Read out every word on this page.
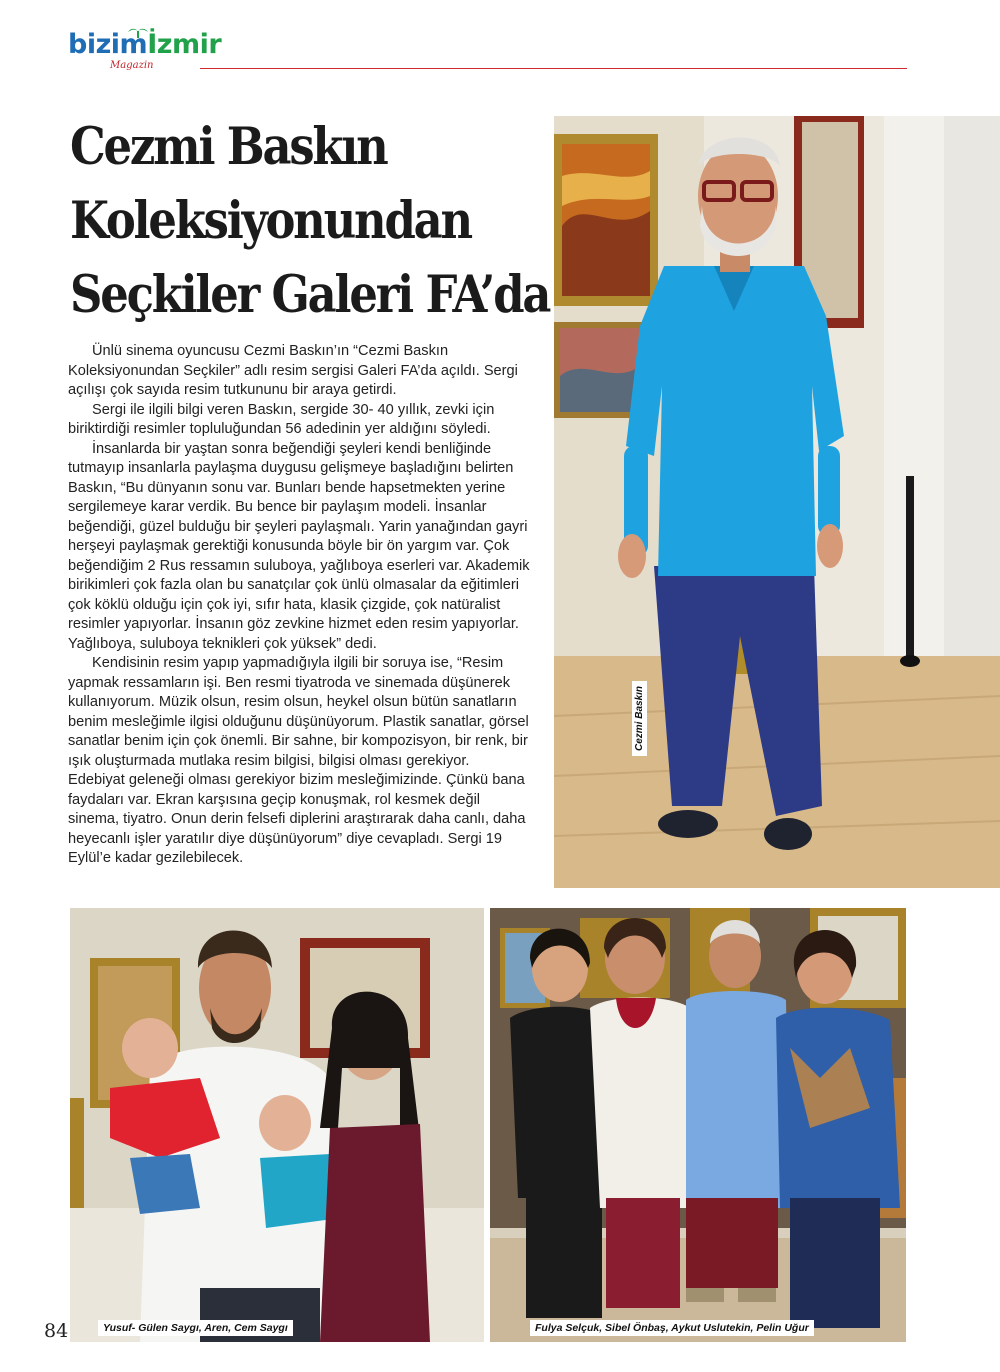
bizimİzmir
Magazin
Cezmi Baskın
Koleksiyonundan
Seçkiler Galeri FA’da

Ünlü sinema oyuncusu Cezmi Baskın’ın “Cezmi Baskın Koleksiyonundan Seçkiler” adlı resim sergisi Galeri FA’da açıldı. Sergi açılışı çok sayıda resim tutkununu bir araya getirdi.

Sergi ile ilgili bilgi veren Baskın, sergide 30- 40 yıllık, zevki için biriktirdiği resimler topluluğundan 56 adedinin yer aldığını söyledi.

İnsanlarda bir yaştan sonra beğendiği şeyleri kendi benliğinde tutmayıp insanlarla paylaşma duygusu gelişmeye başladığını belirten Baskın, “Bu dünyanın sonu var. Bunları bende hapsetmekten yerine sergilemeye karar verdik. Bu bence bir paylaşım modeli. İnsanlar beğendiği, güzel bulduğu bir şeyleri paylaşmalı. Yarin yanağından gayri herşeyi paylaşmak gerektiği konusunda böyle bir ön yargım var. Çok beğendiğim 2 Rus ressamın suluboya, yağlıboya eserleri var. Akademik birikimleri çok fazla olan bu sanatçılar çok ünlü olmasalar da eğitimleri çok köklü olduğu için çok iyi, sıfır hata, klasik çizgide, çok natüralist resimler yapıyorlar. İnsanın göz zevkine hizmet eden resim yapıyorlar. Yağlıboya, suluboya teknikleri çok yüksek” dedi.

Kendisinin resim yapıp yapmadığıyla ilgili bir soruya ise, “Resim yapmak ressamların işi. Ben resmi tiyatroda ve sinemada düşünerek kullanıyorum. Müzik olsun, resim olsun, heykel olsun bütün sanatların benim mesleğimle ilgisi olduğunu düşünüyorum. Plastik sanatlar, görsel sanatlar benim için çok önemli. Bir sahne, bir kompozisyon, bir renk, bir ışık oluşturmada mutlaka resim bilgisi, bilgisi olması gerekiyor. Edebiyat geleneği olması gerekiyor bizim mesleğimizinde. Çünkü bana faydaları var. Ekran karşısına geçip konuşmak, rol kesmek değil sinema, tiyatro. Onun derin felsefi diplerini araştırarak daha canlı, daha heyecanlı işler yaratılır diye düşünüyorum” diye cevapladı. Sergi 19 Eylül’e kadar gezilebilecek.

Cezmi Baskın
Yusuf- Gülen Saygı, Aren, Cem Saygı	Fulya Selçuk, Sibel Önbaş, Aykut Uslutekin, Pelin Uğur
84
